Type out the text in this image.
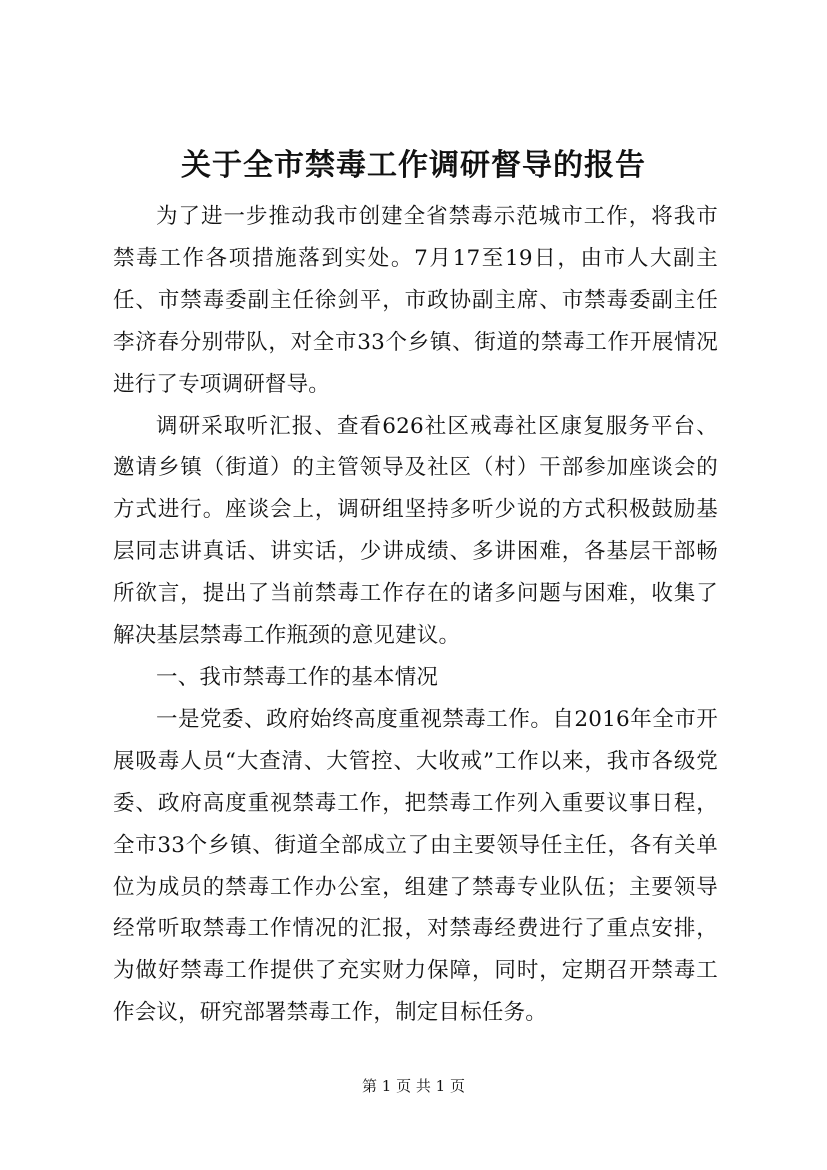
关于全市禁毒工作调研督导的报告

为了进一步推动我市创建全省禁毒示范城市工作，将我市禁毒工作各项措施落到实处。7月17至19日，由市人大副主任、市禁毒委副主任徐剑平，市政协副主席、市禁毒委副主任李济春分别带队，对全市33个乡镇、街道的禁毒工作开展情况进行了专项调研督导。

调研采取听汇报、查看626社区戒毒社区康复服务平台、邀请乡镇（街道）的主管领导及社区（村）干部参加座谈会的方式进行。座谈会上，调研组坚持多听少说的方式积极鼓励基层同志讲真话、讲实话，少讲成绩、多讲困难，各基层干部畅所欲言，提出了当前禁毒工作存在的诸多问题与困难，收集了解决基层禁毒工作瓶颈的意见建议。

一、我市禁毒工作的基本情况

一是党委、政府始终高度重视禁毒工作。自2016年全市开展吸毒人员“大查清、大管控、大收戒”工作以来，我市各级党委、政府高度重视禁毒工作，把禁毒工作列入重要议事日程，全市33个乡镇、街道全部成立了由主要领导任主任，各有关单位为成员的禁毒工作办公室，组建了禁毒专业队伍；主要领导经常听取禁毒工作情况的汇报，对禁毒经费进行了重点安排，为做好禁毒工作提供了充实财力保障，同时，定期召开禁毒工作会议，研究部署禁毒工作，制定目标任务。

第 1 页 共 1 页
